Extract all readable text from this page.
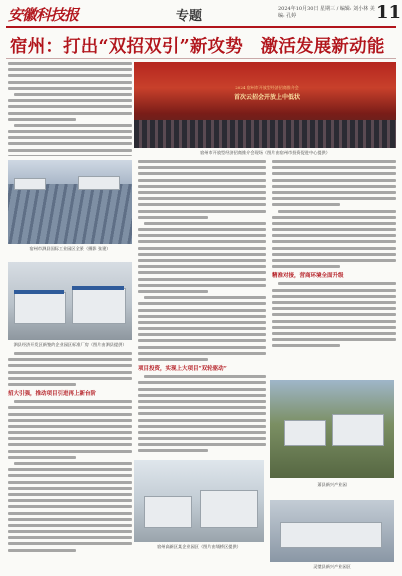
安徽科技报	专题	2024年10月30日 星期三 / 编辑: 刘小林 美编: 孔婷	11
宿州：打出“双招双引”新攻势　激活发展新动能
2024 宿州市开放型经济招商推介会
首次云招会开放上中低状
宿州市开放型经济招商推介会现场（图片由宿州市投资促进中心提供）
宿州市泗县国际工业园区全景（摄影 张建）
泗县经济开发区新签约企业园区标准厂房（图片由泗县提供）
招大引强，推动项目引进再上新台阶
项目投资，实现上大项目“双轮驱动”
宿州高新区某企业园区（图片由埇桥区提供）
精准对接，营商环境全面升级
萧县新兴产业园
灵璧县新兴产业园区
